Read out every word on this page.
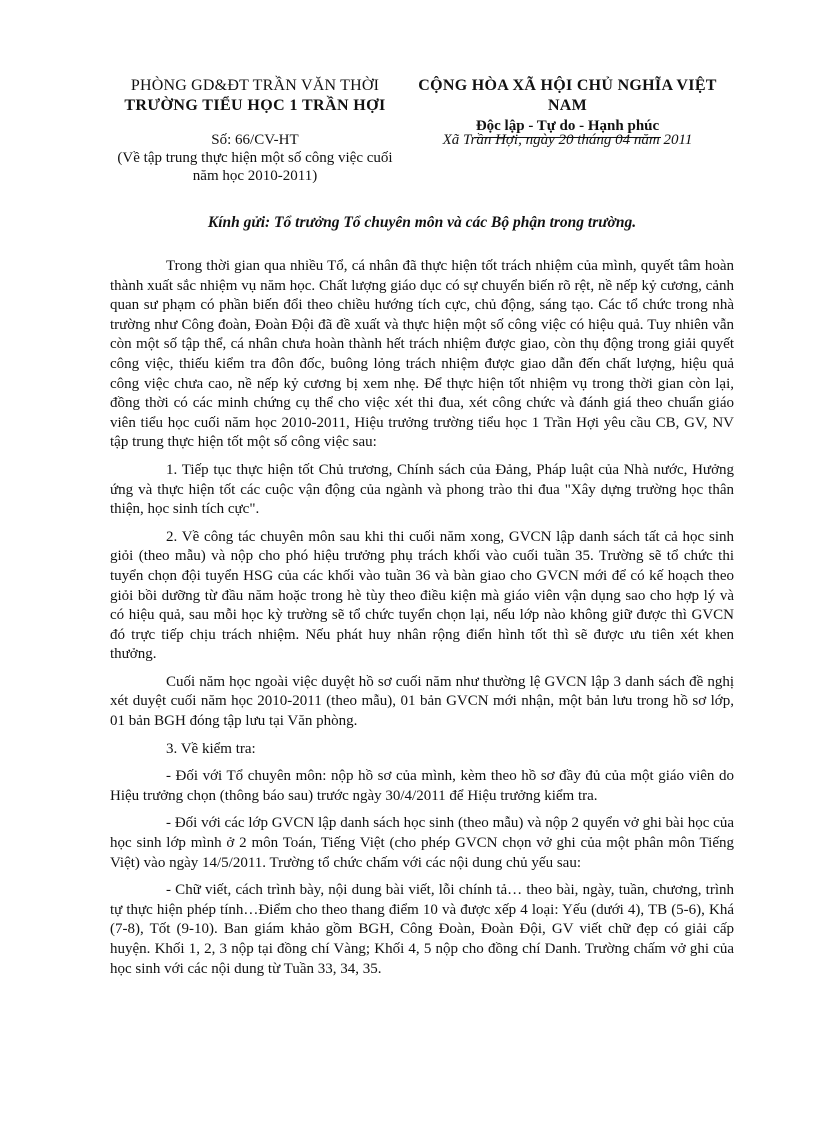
PHÒNG GD&ĐT TRẦN VĂN THỜI
TRƯỜNG TIỂU HỌC 1 TRẦN HỢI
CỘNG HÒA XÃ HỘI CHỦ NGHĨA VIỆT NAM
Độc lập - Tự do - Hạnh phúc
Số: 66/CV-HT
(Về tập trung thực hiện một số công việc cuối năm học 2010-2011)
Xã Trần Hợi, ngày 20 tháng 04 năm 2011
Kính gửi: Tổ trưởng Tổ chuyên môn và các Bộ phận trong trường.

Trong thời gian qua nhiều Tổ, cá nhân đã thực hiện tốt trách nhiệm của mình, quyết tâm hoàn thành xuất sắc nhiệm vụ năm học. Chất lượng giáo dục có sự chuyển biến rõ rệt, nề nếp kỷ cương, cảnh quan sư phạm có phần biến đổi theo chiều hướng tích cực, chủ động, sáng tạo. Các tổ chức trong nhà trường như Công đoàn, Đoàn Đội đã đề xuất và thực hiện một số công việc có hiệu quả. Tuy nhiên vẫn còn một số tập thể, cá nhân chưa hoàn thành hết trách nhiệm được giao, còn thụ động trong giải quyết công việc, thiếu kiểm tra đôn đốc, buông lỏng trách nhiệm được giao dẫn đến chất lượng, hiệu quả công việc chưa cao, nề nếp kỷ cương bị xem nhẹ. Để thực hiện tốt nhiệm vụ trong thời gian còn lại, đồng thời có các minh chứng cụ thể cho việc xét thi đua, xét công chức và đánh giá theo chuẩn giáo viên tiểu học cuối năm học 2010-2011, Hiệu trưởng trường tiểu học 1 Trần Hợi yêu cầu CB, GV, NV tập trung thực hiện tốt một số công việc sau:

1. Tiếp tục thực hiện tốt Chủ trương, Chính sách của Đảng, Pháp luật của Nhà nước, Hưởng ứng và thực hiện tốt các cuộc vận động của ngành và phong trào thi đua "Xây dựng trường học thân thiện, học sinh tích cực".

2. Về công tác chuyên môn sau khi thi cuối năm xong, GVCN lập danh sách tất cả học sinh giỏi (theo mẫu) và nộp cho phó hiệu trưởng phụ trách khối vào cuối tuần 35. Trường sẽ tổ chức thi tuyển chọn đội tuyển HSG của các khối vào tuần 36 và bàn giao cho GVCN mới để có kế hoạch theo giỏi bồi dưỡng từ đầu năm hoặc trong hè tùy theo điều kiện mà giáo viên vận dụng sao cho hợp lý và có hiệu quả, sau mỗi học kỳ trường sẽ tổ chức tuyển chọn lại, nếu lớp nào không giữ được thì GVCN đó trực tiếp chịu trách nhiệm. Nếu phát huy nhân rộng điển hình tốt thì sẽ được ưu tiên xét khen thưởng.

Cuối năm học ngoài việc duyệt hồ sơ cuối năm như thường lệ GVCN lập 3 danh sách đề nghị xét duyệt cuối năm học 2010-2011 (theo mẫu), 01 bản GVCN mới nhận, một bản lưu trong hồ sơ lớp, 01 bản BGH đóng tập lưu tại Văn phòng.

3. Về kiểm tra:

- Đối với Tổ chuyên môn: nộp hồ sơ của mình, kèm theo hồ sơ đầy đủ của một giáo viên do Hiệu trưởng chọn (thông báo sau) trước ngày 30/4/2011 để Hiệu trưởng kiểm tra.

- Đối với các lớp GVCN lập danh sách học sinh (theo mẫu) và nộp 2 quyển vở ghi bài học của học sinh lớp mình ở 2 môn Toán, Tiếng Việt (cho phép GVCN chọn vở ghi của một phân môn Tiếng Việt) vào ngày 14/5/2011. Trường tổ chức chấm với các nội dung chủ yếu sau:

- Chữ viết, cách trình bày, nội dung bài viết, lỗi chính tả… theo bài, ngày, tuần, chương, trình tự thực hiện phép tính…Điểm cho theo thang điểm 10 và được xếp 4 loại: Yếu (dưới 4), TB (5-6), Khá (7-8), Tốt (9-10). Ban giám khảo gồm BGH, Công Đoàn, Đoàn Đội, GV viết chữ đẹp có giải cấp huyện. Khối 1, 2, 3 nộp tại đồng chí Vàng; Khối 4, 5 nộp cho đồng chí Danh. Trường chấm vở ghi của học sinh với các nội dung từ Tuần 33, 34, 35.
